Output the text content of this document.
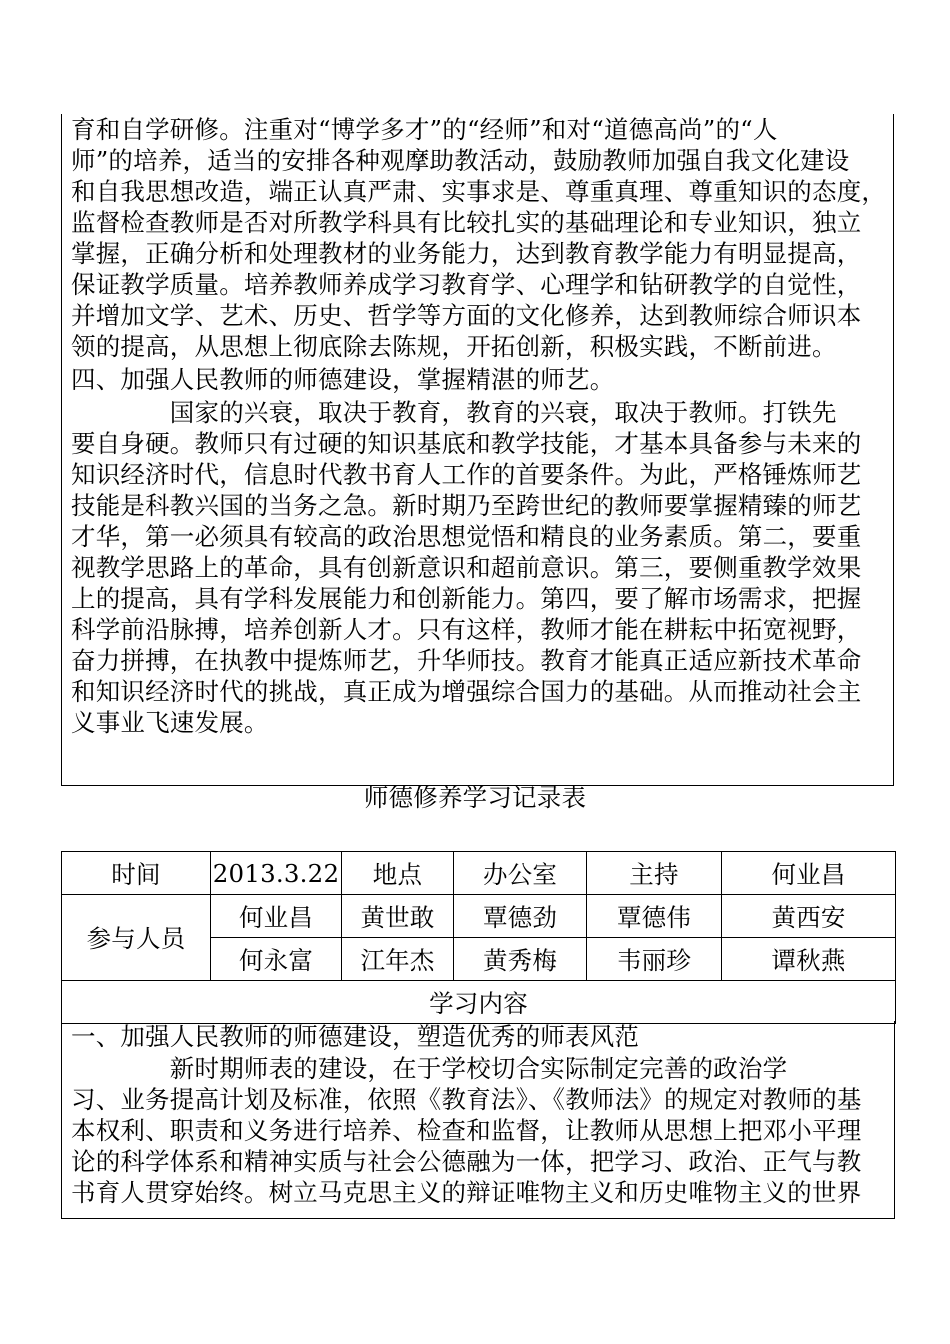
育和自学研修。注重对“博学多才”的“经师”和对“道德高尚”的“人
师”的培养，适当的安排各种观摩助教活动，鼓励教师加强自我文化建设
和自我思想改造，端正认真严肃、实事求是、尊重真理、尊重知识的态度，
监督检查教师是否对所教学科具有比较扎实的基础理论和专业知识，独立
掌握，正确分析和处理教材的业务能力，达到教育教学能力有明显提高，
保证教学质量。培养教师养成学习教育学、心理学和钻研教学的自觉性，
并增加文学、艺术、历史、哲学等方面的文化修养，达到教师综合师识本
领的提高，从思想上彻底除去陈规，开拓创新，积极实践，不断前进。
四、加强人民教师的师德建设，掌握精湛的师艺。
　　　　国家的兴衰，取决于教育，教育的兴衰，取决于教师。打铁先
要自身硬。教师只有过硬的知识基底和教学技能，才基本具备参与未来的
知识经济时代，信息时代教书育人工作的首要条件。为此，严格锤炼师艺
技能是科教兴国的当务之急。新时期乃至跨世纪的教师要掌握精臻的师艺
才华，第一必须具有较高的政治思想觉悟和精良的业务素质。第二，要重
视教学思路上的革命，具有创新意识和超前意识。第三，要侧重教学效果
上的提高，具有学科发展能力和创新能力。第四，要了解市场需求，把握
科学前沿脉搏，培养创新人才。只有这样，教师才能在耕耘中拓宽视野，
奋力拼搏，在执教中提炼师艺，升华师技。教育才能真正适应新技术革命
和知识经济时代的挑战，真正成为增强综合国力的基础。从而推动社会主
义事业飞速发展。
师德修养学习记录表
时间	2013.3.22	地点	办公室	主持	何业昌
参与人员	何业昌	黄世敢	覃德劲	覃德伟	黄西安
	何永富	江年杰	黄秀梅	韦丽珍	谭秋燕
学习内容					
一、加强人民教师的师德建设，塑造优秀的师表风范
　　　　新时期师表的建设，在于学校切合实际制定完善的政治学
习、业务提高计划及标准，依照《教育法》、《教师法》的规定对教师的基
本权利、职责和义务进行培养、检查和监督，让教师从思想上把邓小平理
论的科学体系和精神实质与社会公德融为一体，把学习、政治、正气与教
书育人贯穿始终。树立马克思主义的辩证唯物主义和历史唯物主义的世界
